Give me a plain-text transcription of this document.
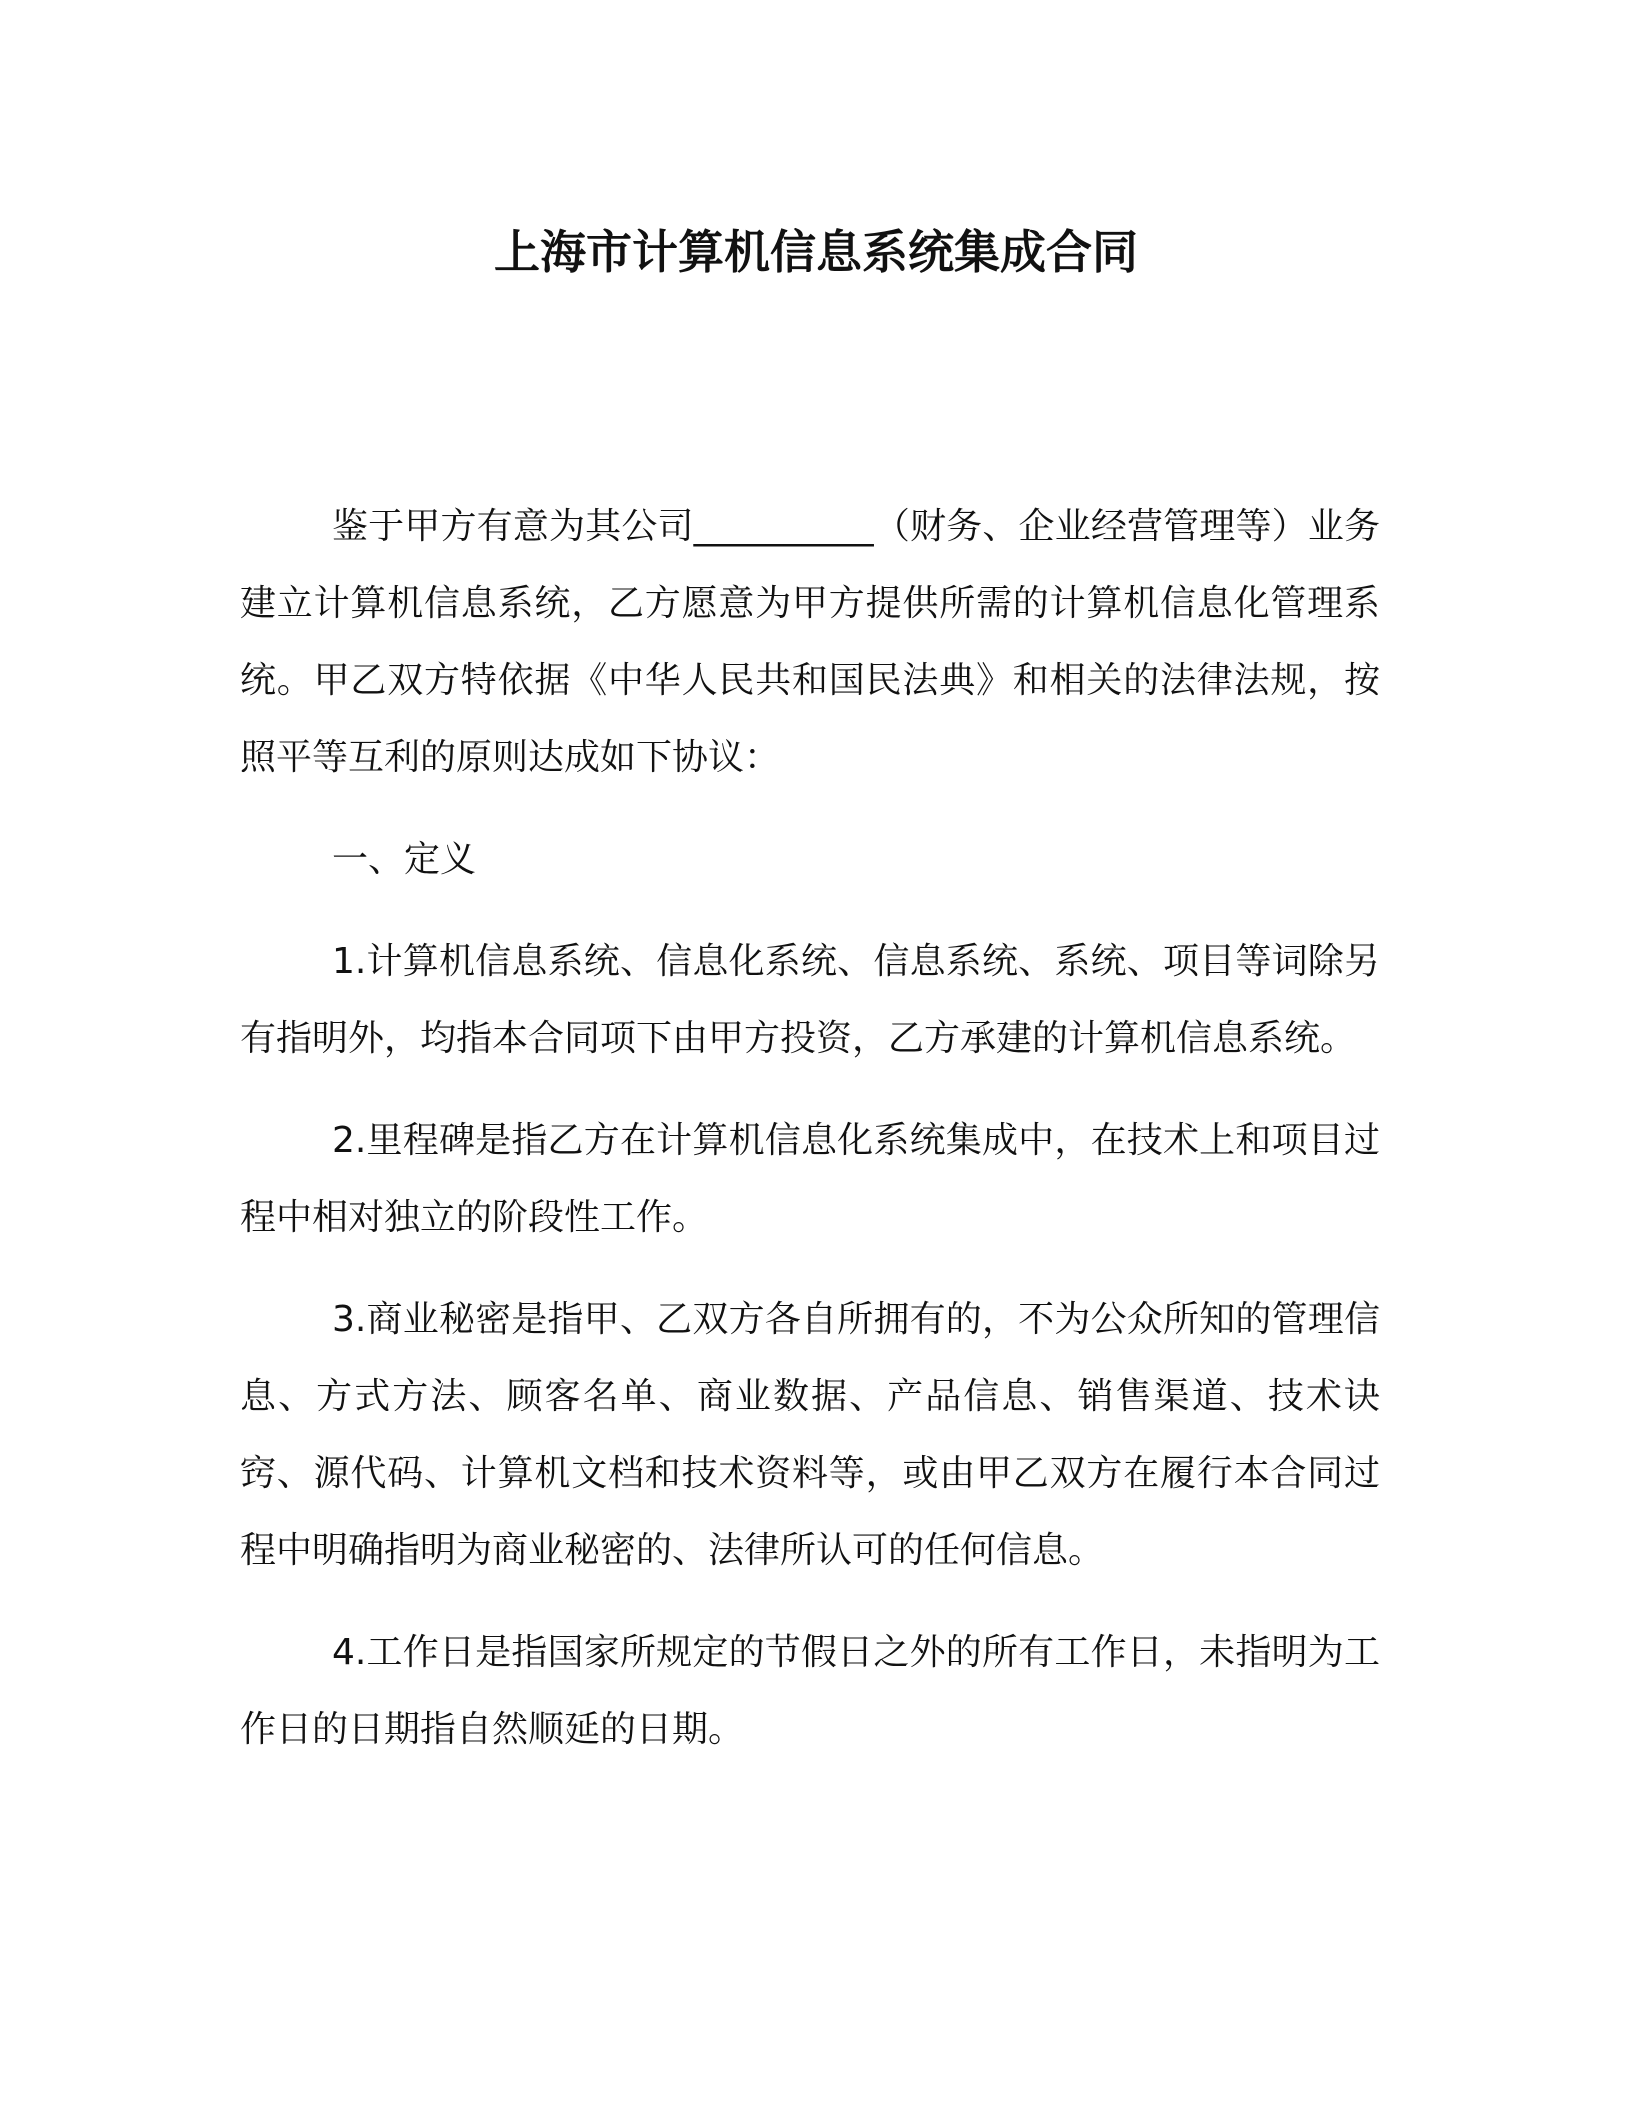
上海市计算机信息系统集成合同

鉴于甲方有意为其公司__________（财务、企业经营管理等）业务建立计算机信息系统，乙方愿意为甲方提供所需的计算机信息化管理系统。甲乙双方特依据《中华人民共和国民法典》和相关的法律法规，按照平等互利的原则达成如下协议：

一、定义

1.计算机信息系统、信息化系统、信息系统、系统、项目等词除另有指明外，均指本合同项下由甲方投资，乙方承建的计算机信息系统。

2.里程碑是指乙方在计算机信息化系统集成中，在技术上和项目过程中相对独立的阶段性工作。

3.商业秘密是指甲、乙双方各自所拥有的，不为公众所知的管理信息、方式方法、顾客名单、商业数据、产品信息、销售渠道、技术诀窍、源代码、计算机文档和技术资料等，或由甲乙双方在履行本合同过程中明确指明为商业秘密的、法律所认可的任何信息。

4.工作日是指国家所规定的节假日之外的所有工作日，未指明为工作日的日期指自然顺延的日期。
